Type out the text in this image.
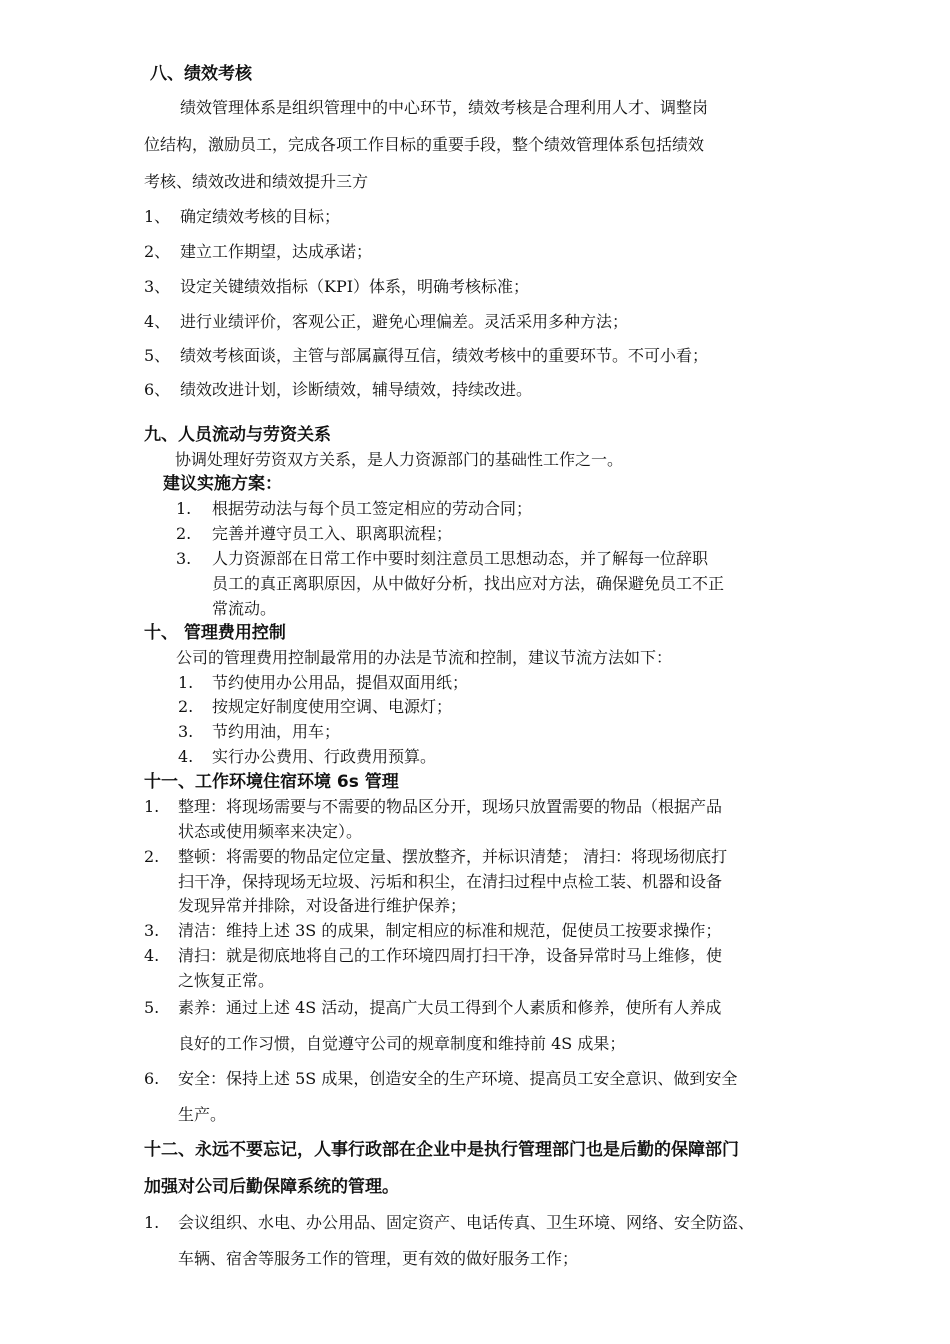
八、绩效考核
绩效管理体系是组织管理中的中心环节，绩效考核是合理利用人才、调整岗
位结构，激励员工，完成各项工作目标的重要手段，整个绩效管理体系包括绩效
考核、绩效改进和绩效提升三方
1、 确定绩效考核的目标；
2、 建立工作期望，达成承诺；
3、 设定关键绩效指标（KPI）体系，明确考核标准；
4、 进行业绩评价，客观公正，避免心理偏差。灵活采用多种方法；
5、 绩效考核面谈，主管与部属赢得互信，绩效考核中的重要环节。不可小看；
6、 绩效改进计划，诊断绩效，辅导绩效，持续改进。
九、人员流动与劳资关系
协调处理好劳资双方关系，是人力资源部门的基础性工作之一。
建议实施方案：
1. 根据劳动法与每个员工签定相应的劳动合同；
2. 完善并遵守员工入、职离职流程；
3. 人力资源部在日常工作中要时刻注意员工思想动态，并了解每一位辞职
员工的真正离职原因，从中做好分析，找出应对方法，确保避免员工不正
常流动。
十、 管理费用控制
公司的管理费用控制最常用的办法是节流和控制，建议节流方法如下：
1. 节约使用办公用品，提倡双面用纸；
2. 按规定好制度使用空调、电源灯；
3. 节约用油，用车；
4. 实行办公费用、行政费用预算。
十一、工作环境住宿环境 6s 管理
1. 整理：将现场需要与不需要的物品区分开，现场只放置需要的物品（根据产品
状态或使用频率来决定）。
2. 整顿：将需要的物品定位定量、摆放整齐，并标识清楚； 清扫：将现场彻底打
扫干净，保持现场无垃圾、污垢和积尘，在清扫过程中点检工装、机器和设备
发现异常并排除，对设备进行维护保养；
3. 清洁：维持上述 3S 的成果，制定相应的标准和规范，促使员工按要求操作；
4. 清扫：就是彻底地将自己的工作环境四周打扫干净，设备异常时马上维修，使
之恢复正常。
5. 素养：通过上述 4S 活动，提高广大员工得到个人素质和修养，使所有人养成
良好的工作习惯，自觉遵守公司的规章制度和维持前 4S 成果；
6. 安全：保持上述 5S 成果，创造安全的生产环境、提高员工安全意识、做到安全
生产。
十二、永远不要忘记，人事行政部在企业中是执行管理部门也是后勤的保障部门
加强对公司后勤保障系统的管理。
1. 会议组织、水电、办公用品、固定资产、电话传真、卫生环境、网络、安全防盗、
车辆、宿舍等服务工作的管理，更有效的做好服务工作；
